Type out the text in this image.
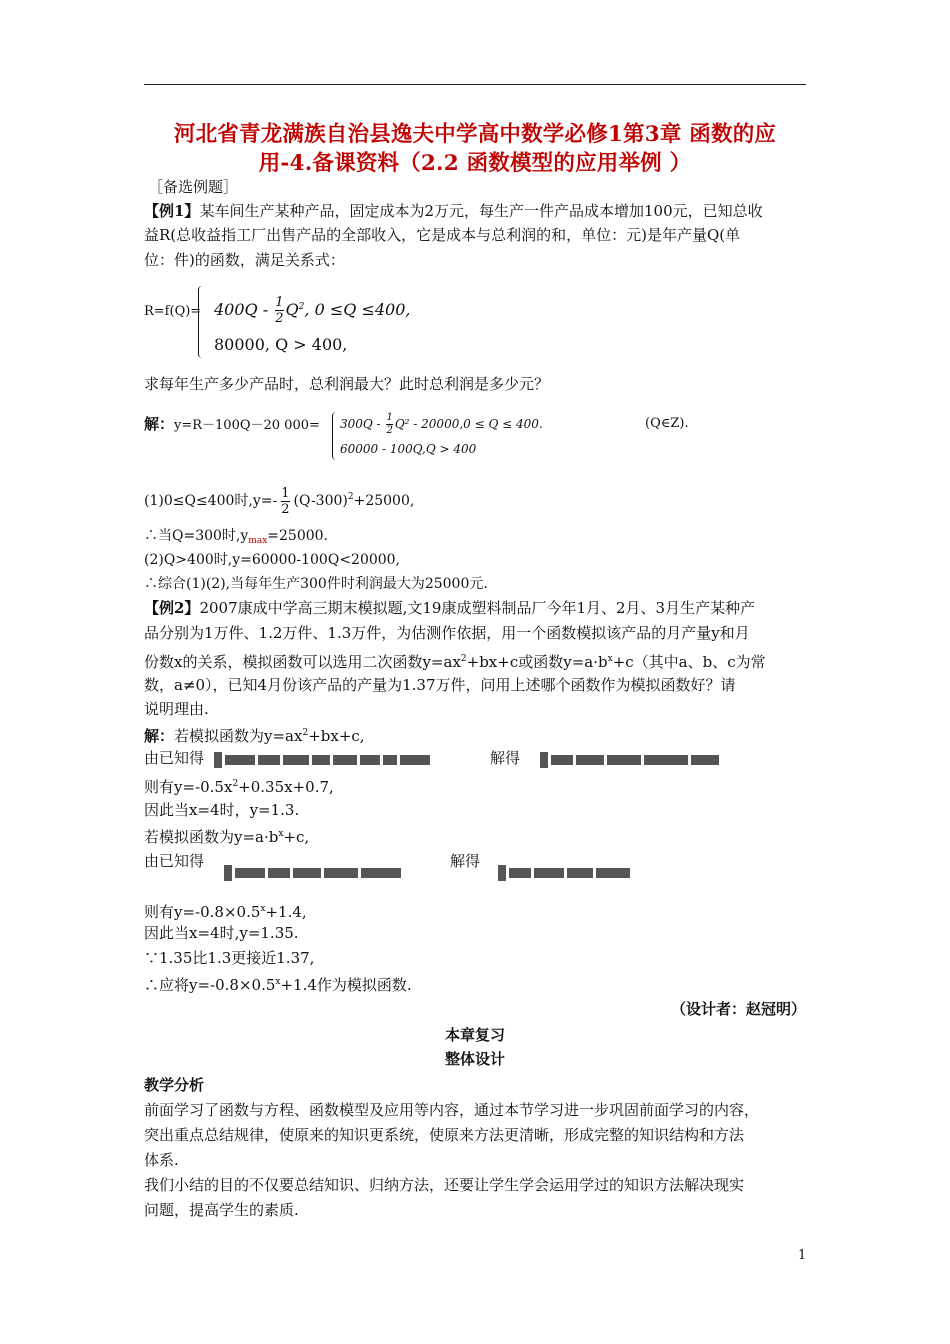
河北省青龙满族自治县逸夫中学高中数学必修1第3章 函数的应
用-4.备课资料（2.2 函数模型的应用举例 ）
［备选例题］
【例1】某车间生产某种产品，固定成本为2万元，每生产一件产品成本增加100元，已知总收
益R(总收益指工厂出售产品的全部收入，它是成本与总利润的和，单位：元)是年产量Q(单
位：件)的函数，满足关系式：
$R=f(Q)= 400Q - \frac{1}{2} Q^2$, 0 ≤Q ≤400,
80000, Q > 400,
求每年生产多少产品时，总利润最大？此时总利润是多少元？
解：y=R－100Q－20 $000= 300Q - \frac{1}{2} Q^2 - 20000,0 \le Q \le 400$.
60000 - 100Q,Q > 400
(Q∈Z).
(1)0≤Q≤400时$,y=- \frac{1}{2} (Q-300)^2+25000$,
∴当Q=300时$,y_{max}=25000$.
(2)Q>400时,y=60000-100Q<20000,
∴综合(1)(2),当每年生产300件时利润最大为25000元.
【例2】2007康成中学高三期末模拟题,文19康成塑料制品厂今年1月、2月、3月生产某种产
品分别为1万件、1.2万件、1.3万件，为估测作依据，用一个函数模拟该产品的月产量y和月
份数x的关系，模拟函数可以选用二次函数$y=ax^2+bx+c$或函数$y=a\cdot b^x+c$（其中a、b、c为常
数，a≠0），已知4月份该产品的产量为1.37万件，问用上述哪个函数作为模拟函数好？请
说明理由.
解：若模拟函数为$y=ax^2+bx+c$,
由已知得	解得
则有$y=-0.5x^2+0.35x+0.7$,
因此当x=4时，y=1.3.
若模拟函数为$y=a\cdot b^x+c$,
由已知得	解得
则有$y=-0.8\times 0.5^x+1.4$,
因此当x=4时,y=1.35.
∵1.35比1.3更接近1.37,
∴应将$y=-0.8\times 0.5^x+1.4$作为模拟函数.
（设计者：赵冠明）
本章复习
整体设计
教学分析
前面学习了函数与方程、函数模型及应用等内容，通过本节学习进一步巩固前面学习的内容，
突出重点总结规律，使原来的知识更系统，使原来方法更清晰，形成完整的知识结构和方法
体系.
我们小结的目的不仅要总结知识、归纳方法，还要让学生学会运用学过的知识方法解决现实
问题，提高学生的素质.
1
